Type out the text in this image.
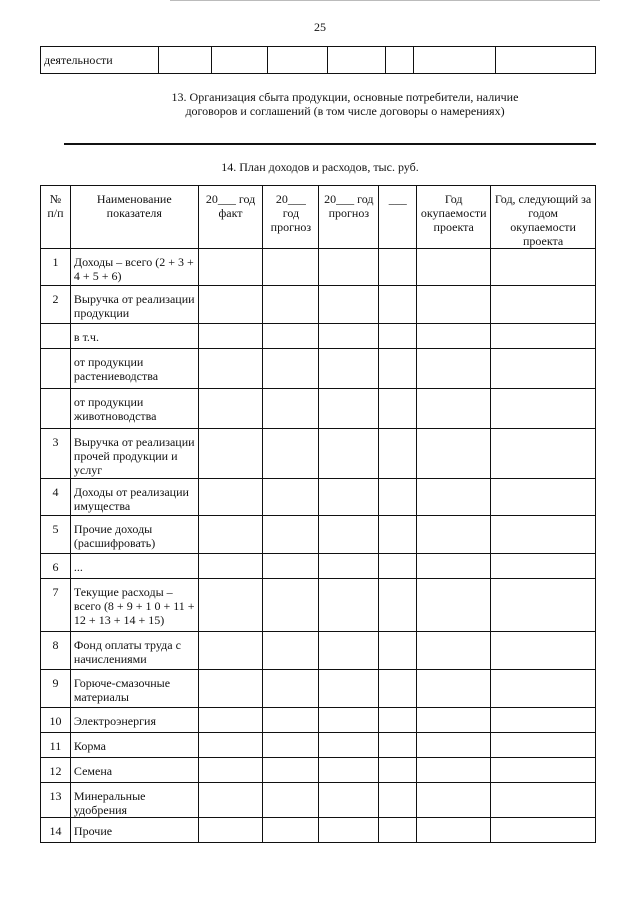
25
деятельности							
13. Организация сбыта продукции, основные потребители, наличие договоров и соглашений (в том числе договоры о намерениях)
14. План доходов и расходов, тыс. руб.
№ п/п	Наименование показателя	20___ год факт	20___ год прогноз	20___ год прогноз	___	Год окупаемости проекта	Год, следующий за годом окупаемости проекта
1	Доходы – всего (2 + 3 + 4 + 5 + 6)						
2	Выручка от реализации продукции						
	в т.ч.						
	от продукции растениеводства						
	от продукции животноводства						
3	Выручка от реализации прочей продукции и услуг						
4	Доходы от реализации имущества						
5	Прочие доходы (расшифровать)						
6	...						
7	Текущие расходы – всего (8 + 9 + 1 0 + 11 + 12 + 13 + 14 + 15)						
8	Фонд оплаты труда с начислениями						
9	Горюче-смазочные материалы						
10	Электроэнергия						
11	Корма						
12	Семена						
13	Минеральные удобрения						
14	Прочие						
